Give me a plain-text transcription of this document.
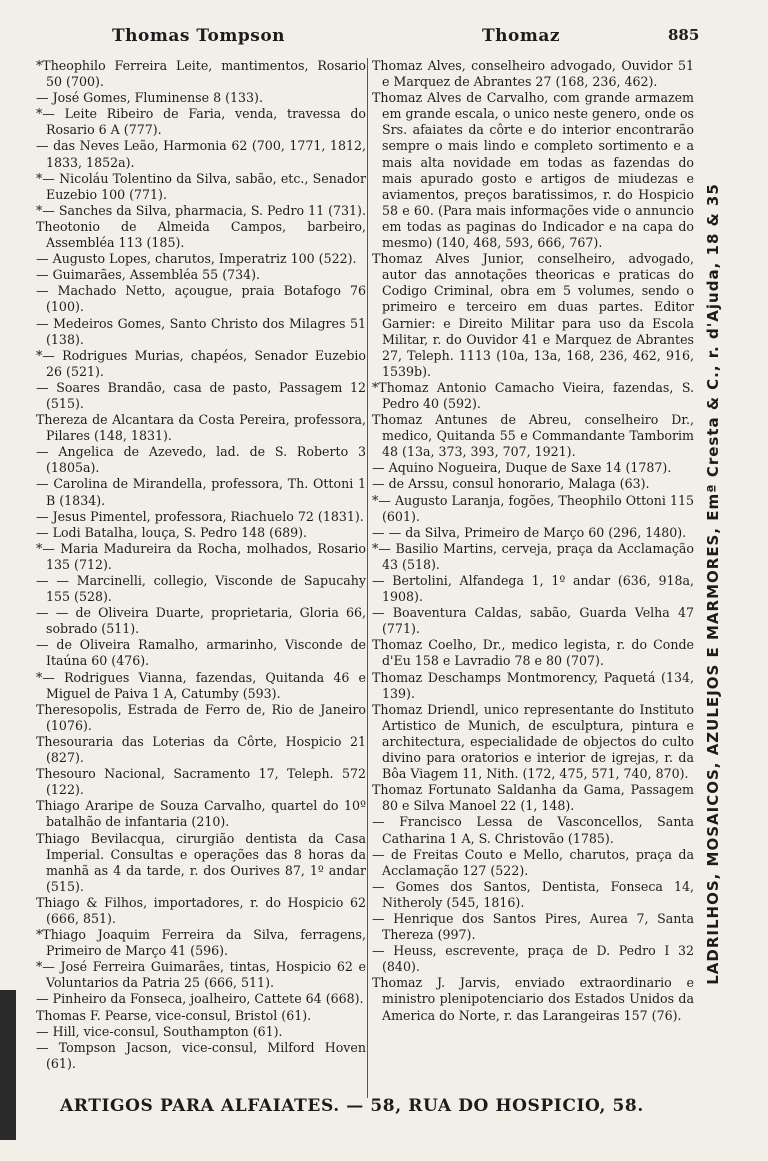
Thomas Tompson	Thomaz	885

*Theophilo Ferreira Leite, mantimentos, Rosario 50 (700).

— José Gomes, Fluminense 8 (133).

*— Leite Ribeiro de Faria, venda, travessa do Rosario 6 A (777).

— das Neves Leão, Harmonia 62 (700, 1771, 1812, 1833, 1852a).

*— Nicoláu Tolentino da Silva, sabão, etc., Senador Euzebio 100 (771).

*— Sanches da Silva, pharmacia, S. Pedro 11 (731).

Theotonio de Almeida Campos, barbeiro, Assembléa 113 (185).

— Augusto Lopes, charutos, Imperatriz 100 (522).

— Guimarães, Assembléa 55 (734).

— Machado Netto, açougue, praia Botafogo 76 (100).

— Medeiros Gomes, Santo Christo dos Milagres 51 (138).

*— Rodrigues Murias, chapéos, Senador Euzebio 26 (521).

— Soares Brandão, casa de pasto, Passagem 12 (515).

Thereza de Alcantara da Costa Pereira, professora, Pilares (148, 1831).

— Angelica de Azevedo, lad. de S. Roberto 3 (1805a).

— Carolina de Mirandella, professora, Th. Ottoni 1 B (1834).

— Jesus Pimentel, professora, Riachuelo 72 (1831).

— Lodi Batalha, louça, S. Pedro 148 (689).

*— Maria Madureira da Rocha, molhados, Rosario 135 (712).

— — Marcinelli, collegio, Visconde de Sapucahy 155 (528).

— — de Oliveira Duarte, proprietaria, Gloria 66, sobrado (511).

— de Oliveira Ramalho, armarinho, Visconde de Itaúna 60 (476).

*— Rodrigues Vianna, fazendas, Quitanda 46 e Miguel de Paiva 1 A, Catumby (593).

Theresopolis, Estrada de Ferro de, Rio de Janeiro (1076).

Thesouraria das Loterias da Côrte, Hospicio 21 (827).

Thesouro Nacional, Sacramento 17, Teleph. 572 (122).

Thiago Araripe de Souza Carvalho, quartel do 10º batalhão de infantaria (210).

Thiago Bevilacqua, cirurgião dentista da Casa Imperial. Consultas e operações das 8 horas da manhã as 4 da tarde, r. dos Ourives 87, 1º andar (515).

Thiago & Filhos, importadores, r. do Hospicio 62 (666, 851).

*Thiago Joaquim Ferreira da Silva, ferragens, Primeiro de Março 41 (596).

*— José Ferreira Guimarães, tintas, Hospicio 62 e Voluntarios da Patria 25 (666, 511).

— Pinheiro da Fonseca, joalheiro, Cattete 64 (668).

Thomas F. Pearse, vice-consul, Bristol (61).

— Hill, vice-consul, Southampton (61).

— Tompson Jacson, vice-consul, Milford Hoven (61).

Thomaz Alves, conselheiro advogado, Ouvidor 51 e Marquez de Abrantes 27 (168, 236, 462).

Thomaz Alves de Carvalho, com grande armazem em grande escala, o unico neste genero, onde os Srs. afaiates da côrte e do interior encontrarão sempre o mais lindo e completo sortimento e a mais alta novidade em todas as fazendas do mais apurado gosto e artigos de miudezas e aviamentos, preços baratissimos, r. do Hospicio 58 e 60. (Para mais informações vide o annuncio em todas as paginas do Indicador e na capa do mesmo) (140, 468, 593, 666, 767).

Thomaz Alves Junior, conselheiro, advogado, autor das annotações theoricas e praticas do Codigo Criminal, obra em 5 volumes, sendo o primeiro e terceiro em duas partes. Editor Garnier: e Direito Militar para uso da Escola Militar, r. do Ouvidor 41 e Marquez de Abrantes 27, Teleph. 1113 (10a, 13a, 168, 236, 462, 916, 1539b).

*Thomaz Antonio Camacho Vieira, fazendas, S. Pedro 40 (592).

Thomaz Antunes de Abreu, conselheiro Dr., medico, Quitanda 55 e Commandante Tamborim 48 (13a, 373, 393, 707, 1921).

— Aquino Nogueira, Duque de Saxe 14 (1787).

— de Arssu, consul honorario, Malaga (63).

*— Augusto Laranja, fogões, Theophilo Ottoni 115 (601).

— — da Silva, Primeiro de Março 60 (296, 1480).

*— Basilio Martins, cerveja, praça da Acclamação 43 (518).

— Bertolini, Alfandega 1, 1º andar (636, 918a, 1908).

— Boaventura Caldas, sabão, Guarda Velha 47 (771).

Thomaz Coelho, Dr., medico legista, r. do Conde d'Eu 158 e Lavradio 78 e 80 (707).

Thomaz Deschamps Montmorency, Paquetá (134, 139).

Thomaz Driendl, unico representante do Instituto Artistico de Munich, de esculptura, pintura e architectura, especialidade de objectos do culto divino para oratorios e interior de igrejas, r. da Bôa Viagem 11, Nith. (172, 475, 571, 740, 870).

Thomaz Fortunato Saldanha da Gama, Passagem 80 e Silva Manoel 22 (1, 148).

— Francisco Lessa de Vasconcellos, Santa Catharina 1 A, S. Christovão (1785).

— de Freitas Couto e Mello, charutos, praça da Acclamação 127 (522).

— Gomes dos Santos, Dentista, Fonseca 14, Nitheroly (545, 1816).

— Henrique dos Santos Pires, Aurea 7, Santa Thereza (997).

— Heuss, escrevente, praça de D. Pedro I 32 (840).

Thomaz J. Jarvis, enviado extraordinario e ministro plenipotenciario dos Estados Unidos da America do Norte, r. das Larangeiras 157 (76).

LADRILHOS, MOSAICOS, AZULEJOS E MARMORES, Emª Cresta & C., r. d'Ajuda, 18 & 35
ARTIGOS PARA ALFAIATES. — 58, RUA DO HOSPICIO, 58.
